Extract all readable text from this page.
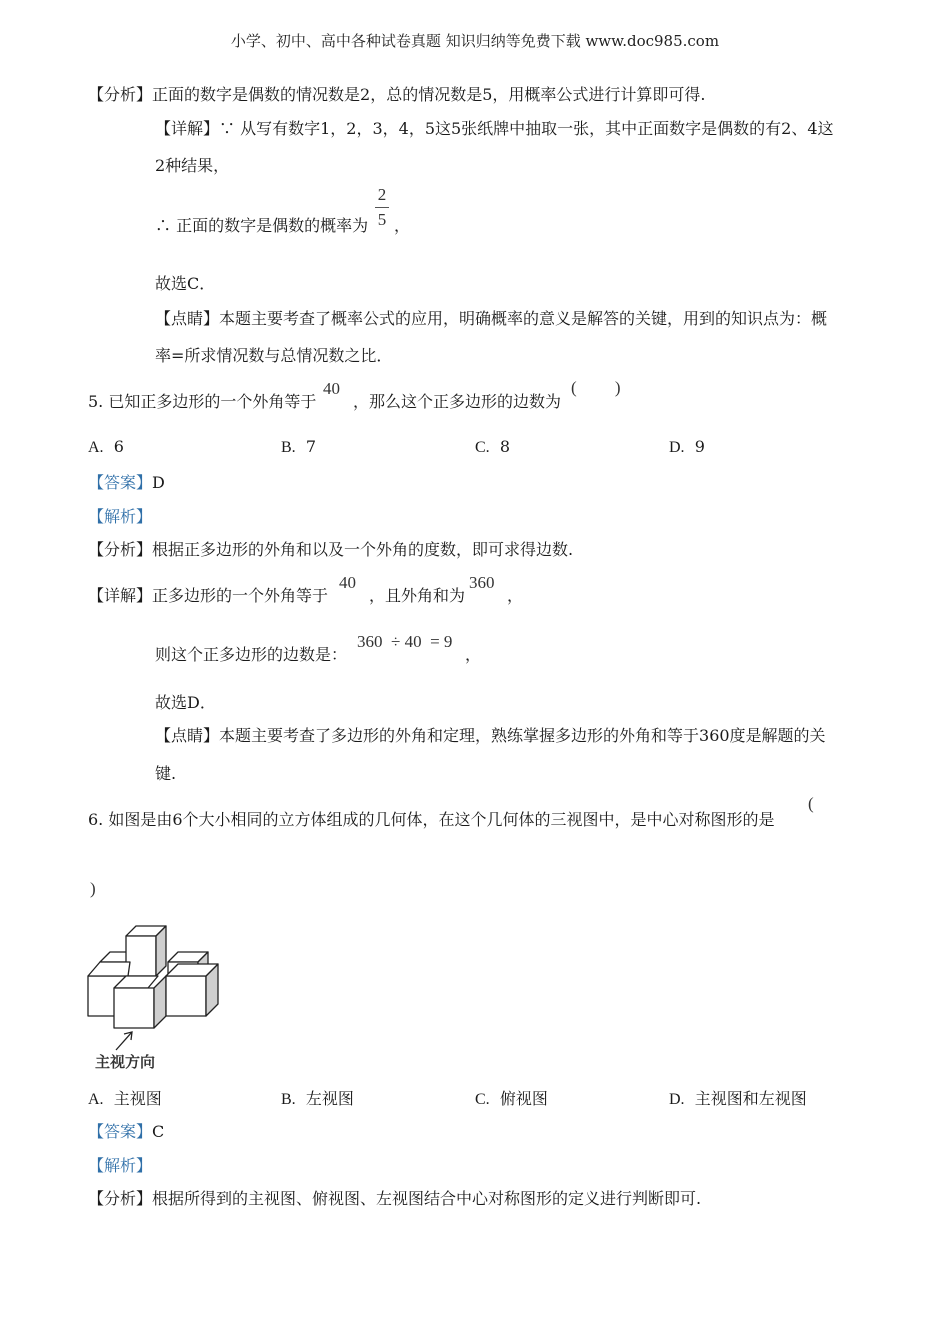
小学、初中、高中各种试卷真题 知识归纳等免费下载 www.doc985.com
【分析】正面的数字是偶数的情况数是2，总的情况数是5，用概率公式进行计算即可得.
【详解】∵ 从写有数字1，2，3，4，5这5张纸牌中抽取一张，其中正面数字是偶数的有2、4这
2种结果，
∴ 正面的数字是偶数的概率为
2
5 ，
故选C．
【点睛】本题主要考查了概率公式的应用，明确概率的意义是解答的关键，用到的知识点为：概
率=所求情况数与总情况数之比．
5. 已知正多边形的一个外角等于
40
，那么这个正多边形的边数为
(         )
A. 6	B. 7	C. 8	D. 9
【答案】D
【解析】
【分析】根据正多边形的外角和以及一个外角的度数，即可求得边数.
【详解】正多边形的一个外角等于
40
，且外角和为
360
，
则这个正多边形的边数是：
360  ÷ 40  = 9
，
故选D．
【点睛】本题主要考查了多边形的外角和定理，熟练掌握多边形的外角和等于360度是解题的关
键.
6. 如图是由6个大小相同的立方体组成的几何体，在这个几何体的三视图中，是中心对称图形的是
(
)
主视方向
A. 主视图	B. 左视图	C. 俯视图	D. 主视图和左视图
【答案】C
【解析】
【分析】根据所得到的主视图、俯视图、左视图结合中心对称图形的定义进行判断即可.
